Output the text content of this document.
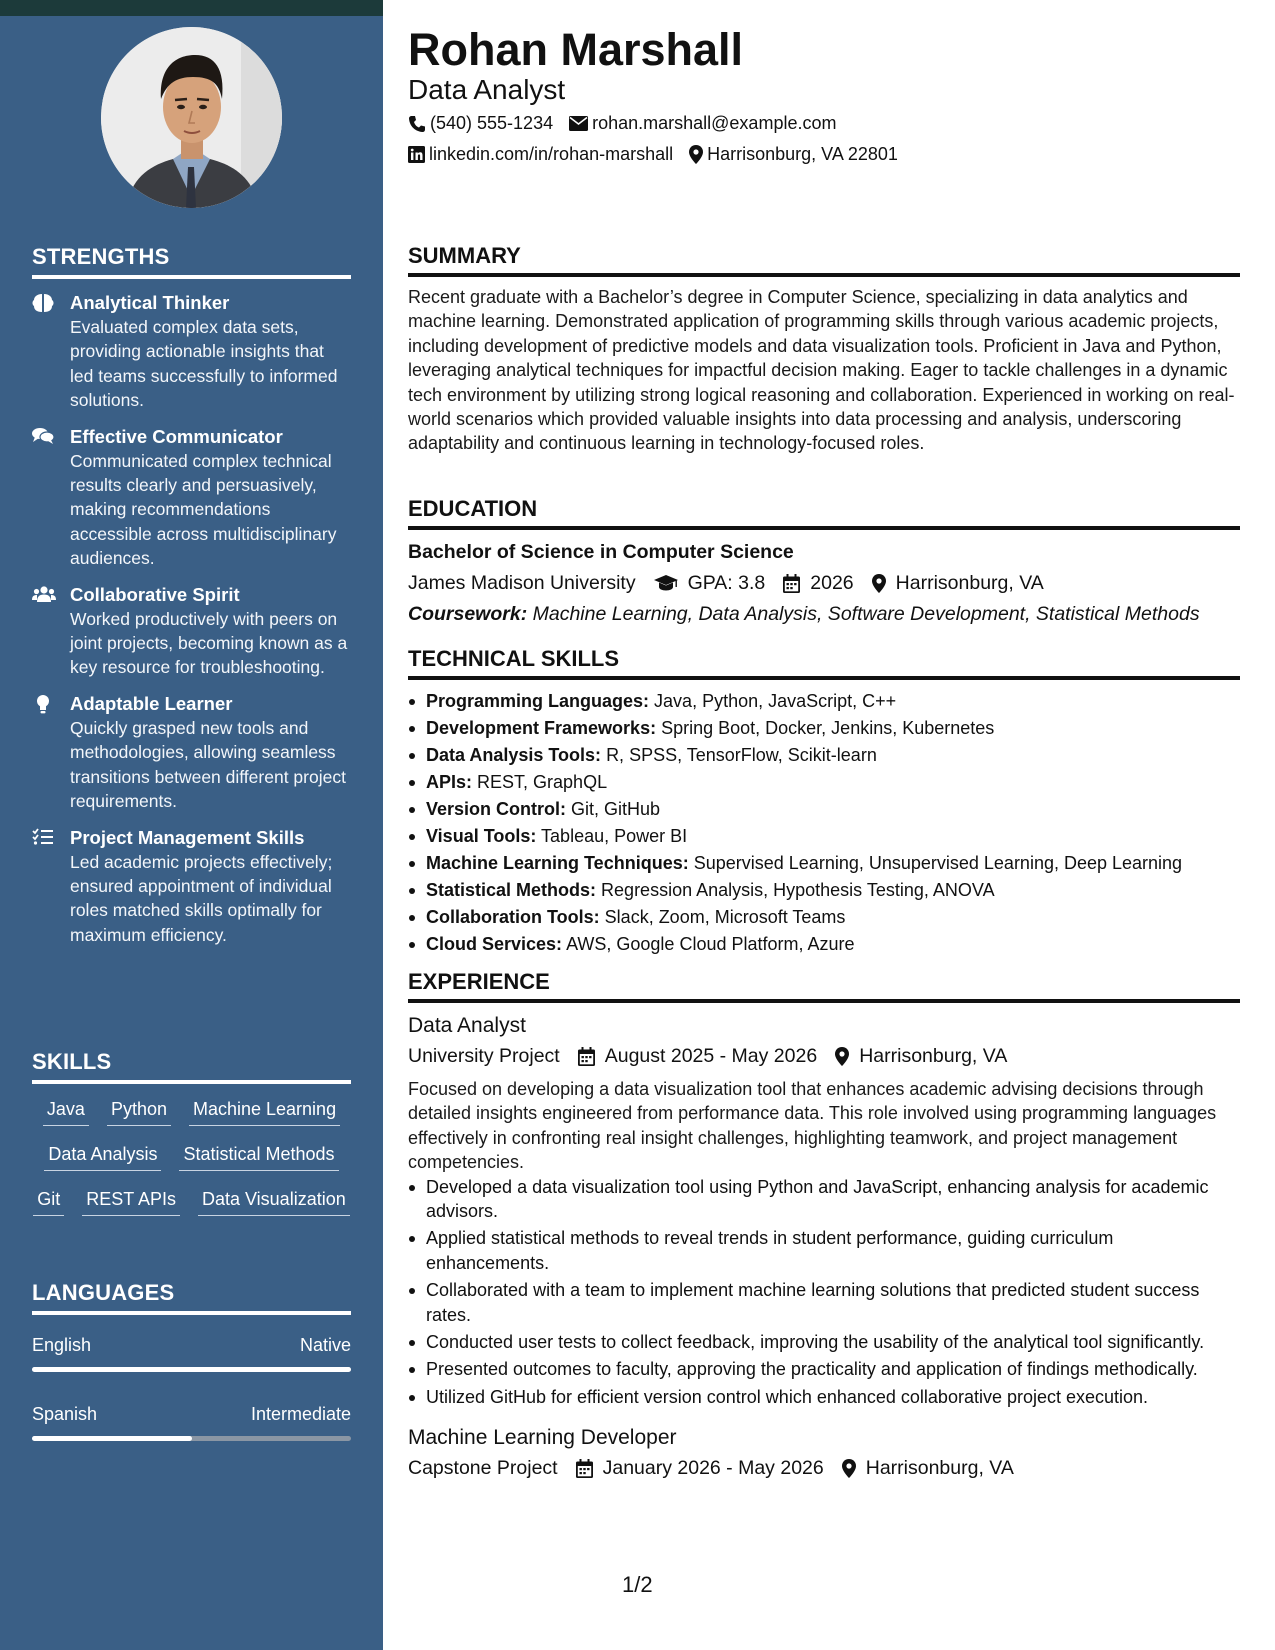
STRENGTHS
Analytical Thinker
Evaluated complex data sets, providing actionable insights that led teams successfully to informed solutions.
Effective Communicator
Communicated complex technical results clearly and persuasively, making recommendations accessible across multidisciplinary audiences.
Collaborative Spirit
Worked productively with peers on joint projects, becoming known as a key resource for troubleshooting.
Adaptable Learner
Quickly grasped new tools and methodologies, allowing seamless transitions between different project requirements.
Project Management Skills
Led academic projects effectively; ensured appointment of individual roles matched skills optimally for maximum efficiency.
SKILLS
Java Python Machine Learning
Data Analysis Statistical Methods
Git REST APIs Data Visualization
LANGUAGES
English	Native
Spanish	Intermediate
Rohan Marshall
Data Analyst
(540) 555-1234 rohan.marshall@example.com
linkedin.com/in/rohan-marshall Harrisonburg, VA 22801
SUMMARY
Recent graduate with a Bachelor’s degree in Computer Science, specializing in data analytics and machine learning. Demonstrated application of programming skills through various academic projects, including development of predictive models and data visualization tools. Proficient in Java and Python, leveraging analytical techniques for impactful decision making. Eager to tackle challenges in a dynamic tech environment by utilizing strong logical reasoning and collaboration. Experienced in working on real-world scenarios which provided valuable insights into data processing and analysis, underscoring adaptability and continuous learning in technology-focused roles.
EDUCATION
Bachelor of Science in Computer Science
James Madison University	GPA: 3.8 2026 Harrisonburg, VA
Coursework: Machine Learning, Data Analysis, Software Development, Statistical Methods
TECHNICAL SKILLS
Programming Languages: Java, Python, JavaScript, C++
Development Frameworks: Spring Boot, Docker, Jenkins, Kubernetes
Data Analysis Tools: R, SPSS, TensorFlow, Scikit-learn
APIs: REST, GraphQL
Version Control: Git, GitHub
Visual Tools: Tableau, Power BI
Machine Learning Techniques: Supervised Learning, Unsupervised Learning, Deep Learning
Statistical Methods: Regression Analysis, Hypothesis Testing, ANOVA
Collaboration Tools: Slack, Zoom, Microsoft Teams
Cloud Services: AWS, Google Cloud Platform, Azure
EXPERIENCE
Data Analyst
University Project August 2025 - May 2026 Harrisonburg, VA
Focused on developing a data visualization tool that enhances academic advising decisions through detailed insights engineered from performance data. This role involved using programming languages effectively in confronting real insight challenges, highlighting teamwork, and project management competencies.
Developed a data visualization tool using Python and JavaScript, enhancing analysis for academic advisors.
Applied statistical methods to reveal trends in student performance, guiding curriculum enhancements.
Collaborated with a team to implement machine learning solutions that predicted student success rates.
Conducted user tests to collect feedback, improving the usability of the analytical tool significantly.
Presented outcomes to faculty, approving the practicality and application of findings methodically.
Utilized GitHub for efficient version control which enhanced collaborative project execution.
Machine Learning Developer
Capstone Project January 2026 - May 2026 Harrisonburg, VA
1/2
